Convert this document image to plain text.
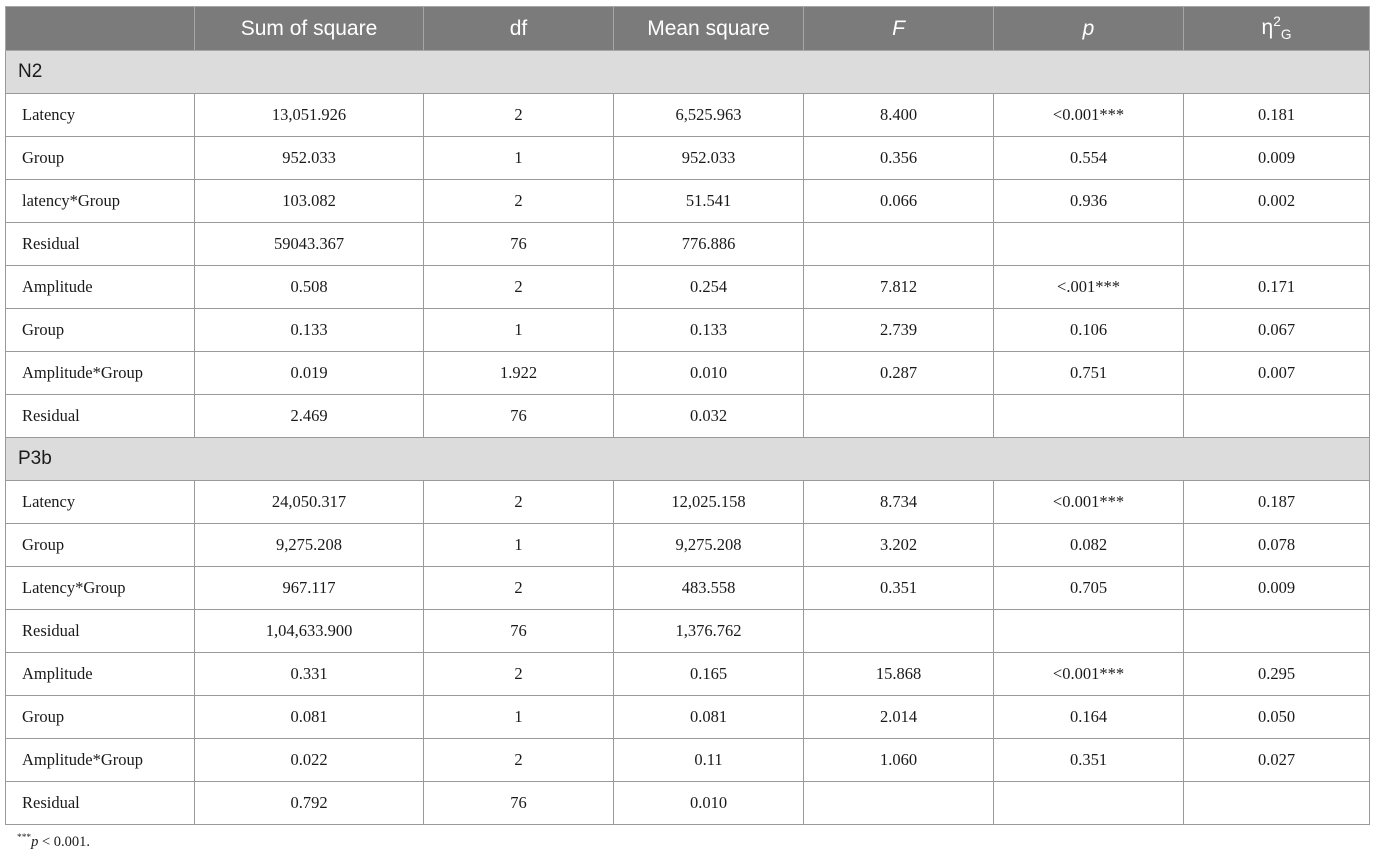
	Sum of square	df	Mean square	F	p	$\eta^2_G$
N2						
Latency	13,051.926	2	6,525.963	8.400	<0.001***	0.181
Group	952.033	1	952.033	0.356	0.554	0.009
latency*Group	103.082	2	51.541	0.066	0.936	0.002
Residual	59043.367	76	776.886			
Amplitude	0.508	2	0.254	7.812	<.001***	0.171
Group	0.133	1	0.133	2.739	0.106	0.067
Amplitude*Group	0.019	1.922	0.010	0.287	0.751	0.007
Residual	2.469	76	0.032			
P3b						
Latency	24,050.317	2	12,025.158	8.734	<0.001***	0.187
Group	9,275.208	1	9,275.208	3.202	0.082	0.078
Latency*Group	967.117	2	483.558	0.351	0.705	0.009
Residual	1,04,633.900	76	1,376.762			
Amplitude	0.331	2	0.165	15.868	<0.001***	0.295
Group	0.081	1	0.081	2.014	0.164	0.050
Amplitude*Group	0.022	2	0.11	1.060	0.351	0.027
Residual	0.792	76	0.010			
***p < 0.001.
